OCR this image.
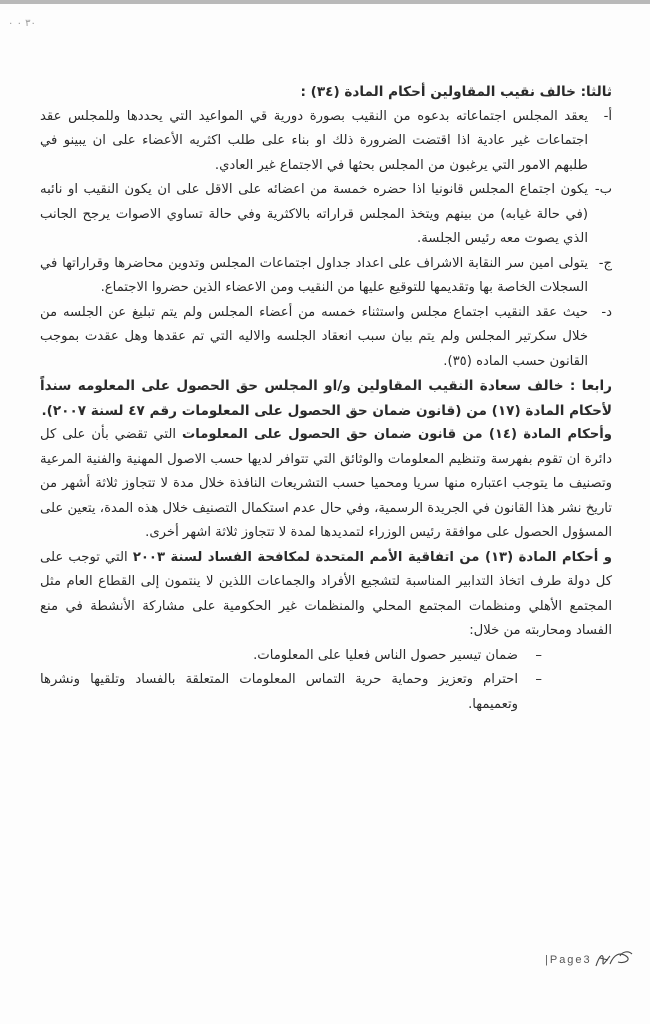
٣٠ ٠ ٠
ثالثا: خالف نقيب المقاولين أحكام المادة (٣٤) :
أ-
يعقد المجلس اجتماعاته بدعوه من النقيب بصورة دورية قي المواعيد التي يحددها وللمجلس عقد اجتماعات غير عادية اذا اقتضت الضرورة ذلك او بناء على طلب اكثريه الأعضاء على ان يبينو في طلبهم الامور التي يرغبون من المجلس بحثها في الاجتماع غير العادي.
ب-
يكون اجتماع المجلس قانونيا اذا حضره خمسة من اعضائه على الاقل على ان يكون النقيب او نائبه (في حالة غيابه) من بينهم ويتخذ المجلس قراراته بالاكثرية وفي حالة تساوي الاصوات يرجح الجانب الذي يصوت معه رئيس الجلسة.
ج-
يتولى امين سر النقابة الاشراف على اعداد جداول اجتماعات المجلس وتدوين محاضرها وقراراتها في السجلات الخاصة بها وتقديمها للتوقيع عليها من النقيب ومن الاعضاء الذين حضروا الاجتماع.
د-
حيث عقد النقيب اجتماع مجلس واستثناء خمسه من أعضاء المجلس ولم يتم تبليغ عن الجلسه من خلال سكرتير المجلس ولم يتم بيان سبب انعقاد الجلسه والاليه التي تم عقدها وهل عقدت بموجب القانون حسب الماده (٣٥).
رابعا : خالف سعادة النقيب المقاولين و/او المجلس حق الحصول على المعلومه سنداً لأحكام المادة (١٧) من (قانون ضمان حق الحصول على المعلومات رقم ٤٧ لسنة ٢٠٠٧).

وأحكام المادة (١٤) من قانون ضمان حق الحصول على المعلومات التي تقضي بأن على كل دائرة ان تقوم بفهرسة وتنظيم المعلومات والوثائق التي تتوافر لديها حسب الاصول المهنية والفنية المرعية وتصنيف ما يتوجب اعتباره منها سريا ومحميا حسب التشريعات النافذة خلال مدة لا تتجاوز ثلاثة أشهر من تاريخ نشر هذا القانون في الجريدة الرسمية، وفي حال عدم استكمال التصنيف خلال هذه المدة، يتعين على المسؤول الحصول على موافقة رئيس الوزراء لتمديدها لمدة لا تتجاوز ثلاثة اشهر أخرى.

و أحكام المادة (١٣) من اتفاقية الأمم المتحدة لمكافحة الفساد لسنة ٢٠٠٣ التي توجب على كل دولة طرف اتخاذ التدابير المناسبة لتشجيع الأفراد والجماعات اللذين لا ينتمون إلى القطاع العام مثل المجتمع الأهلي ومنظمات المجتمع المحلي والمنظمات غير الحكومية على مشاركة الأنشطة في منع الفساد ومحاربته من خلال:

–
ضمان تيسير حصول الناس فعليا على المعلومات.
–
احترام وتعزيز وحماية حرية التماس المعلومات المتعلقة بالفساد وتلقيها ونشرها وتعميمها.
|Page3
